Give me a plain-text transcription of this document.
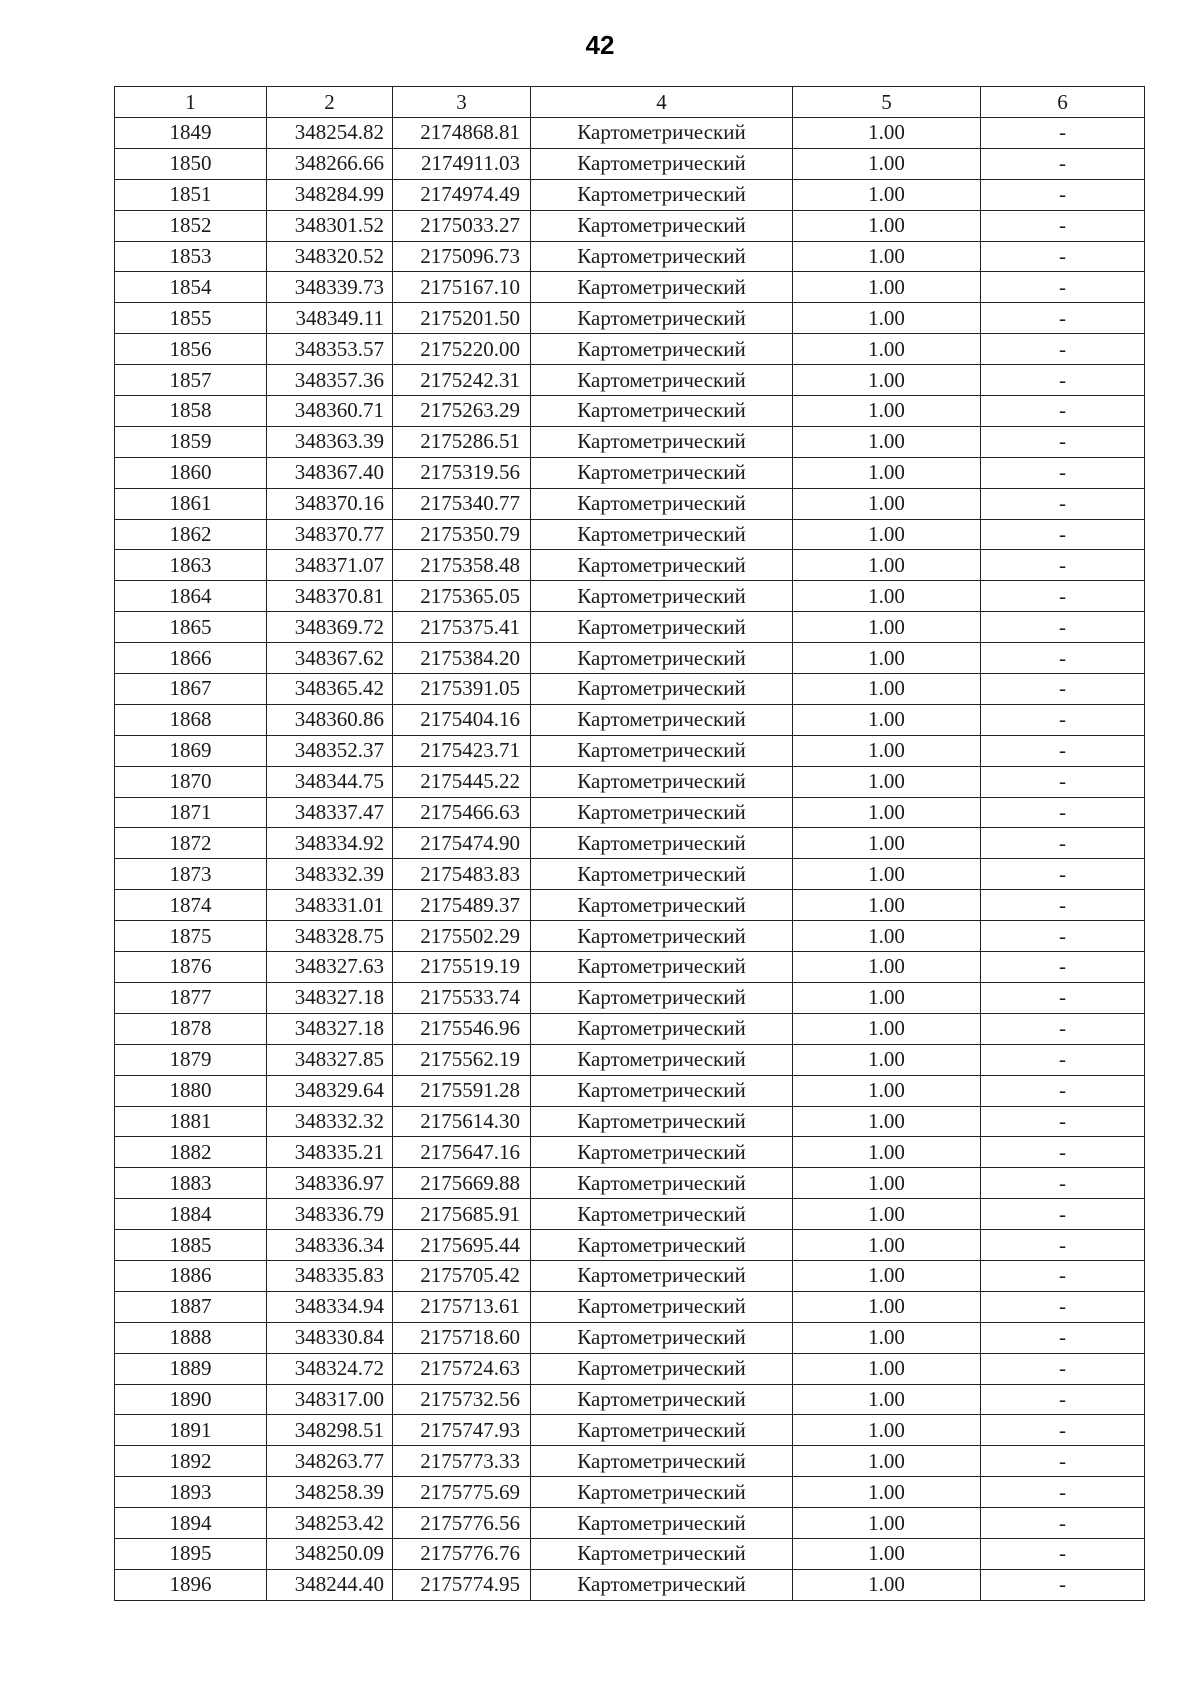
42
1	2	3	4	5	6
1849	348254.82	2174868.81	Картометрический	1.00	-
1850	348266.66	2174911.03	Картометрический	1.00	-
1851	348284.99	2174974.49	Картометрический	1.00	-
1852	348301.52	2175033.27	Картометрический	1.00	-
1853	348320.52	2175096.73	Картометрический	1.00	-
1854	348339.73	2175167.10	Картометрический	1.00	-
1855	348349.11	2175201.50	Картометрический	1.00	-
1856	348353.57	2175220.00	Картометрический	1.00	-
1857	348357.36	2175242.31	Картометрический	1.00	-
1858	348360.71	2175263.29	Картометрический	1.00	-
1859	348363.39	2175286.51	Картометрический	1.00	-
1860	348367.40	2175319.56	Картометрический	1.00	-
1861	348370.16	2175340.77	Картометрический	1.00	-
1862	348370.77	2175350.79	Картометрический	1.00	-
1863	348371.07	2175358.48	Картометрический	1.00	-
1864	348370.81	2175365.05	Картометрический	1.00	-
1865	348369.72	2175375.41	Картометрический	1.00	-
1866	348367.62	2175384.20	Картометрический	1.00	-
1867	348365.42	2175391.05	Картометрический	1.00	-
1868	348360.86	2175404.16	Картометрический	1.00	-
1869	348352.37	2175423.71	Картометрический	1.00	-
1870	348344.75	2175445.22	Картометрический	1.00	-
1871	348337.47	2175466.63	Картометрический	1.00	-
1872	348334.92	2175474.90	Картометрический	1.00	-
1873	348332.39	2175483.83	Картометрический	1.00	-
1874	348331.01	2175489.37	Картометрический	1.00	-
1875	348328.75	2175502.29	Картометрический	1.00	-
1876	348327.63	2175519.19	Картометрический	1.00	-
1877	348327.18	2175533.74	Картометрический	1.00	-
1878	348327.18	2175546.96	Картометрический	1.00	-
1879	348327.85	2175562.19	Картометрический	1.00	-
1880	348329.64	2175591.28	Картометрический	1.00	-
1881	348332.32	2175614.30	Картометрический	1.00	-
1882	348335.21	2175647.16	Картометрический	1.00	-
1883	348336.97	2175669.88	Картометрический	1.00	-
1884	348336.79	2175685.91	Картометрический	1.00	-
1885	348336.34	2175695.44	Картометрический	1.00	-
1886	348335.83	2175705.42	Картометрический	1.00	-
1887	348334.94	2175713.61	Картометрический	1.00	-
1888	348330.84	2175718.60	Картометрический	1.00	-
1889	348324.72	2175724.63	Картометрический	1.00	-
1890	348317.00	2175732.56	Картометрический	1.00	-
1891	348298.51	2175747.93	Картометрический	1.00	-
1892	348263.77	2175773.33	Картометрический	1.00	-
1893	348258.39	2175775.69	Картометрический	1.00	-
1894	348253.42	2175776.56	Картометрический	1.00	-
1895	348250.09	2175776.76	Картометрический	1.00	-
1896	348244.40	2175774.95	Картометрический	1.00	-
